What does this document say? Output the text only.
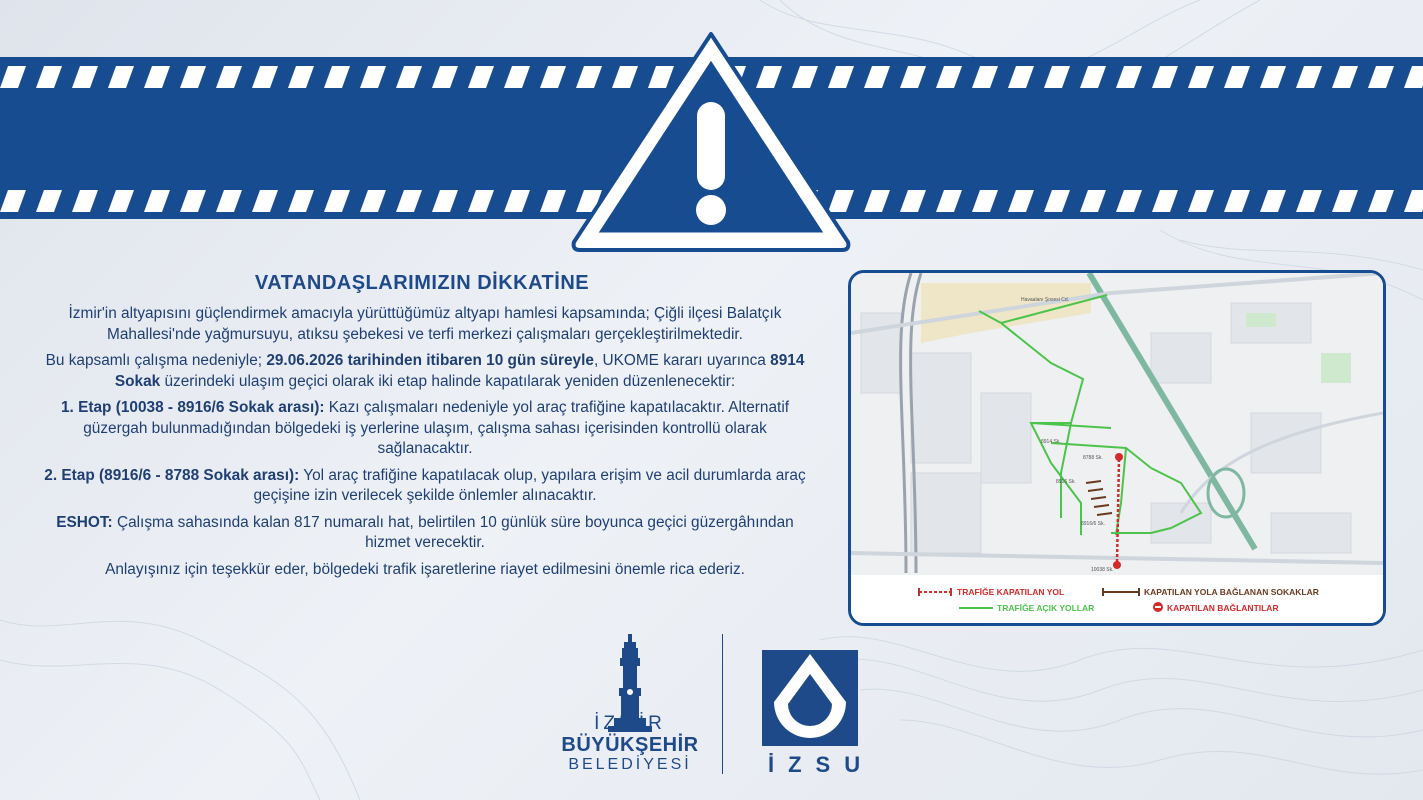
VATANDAŞLARIMIZIN DİKKATİNE

İzmir'in altyapısını güçlendirmek amacıyla yürüttüğümüz altyapı hamlesi kapsamında; Çiğli ilçesi Balatçık Mahallesi'nde yağmursuyu, atıksu şebekesi ve terfi merkezi çalışmaları gerçekleştirilmektedir.

Bu kapsamlı çalışma nedeniyle; 29.06.2026 tarihinden itibaren 10 gün süreyle, UKOME kararı uyarınca 8914 Sokak üzerindeki ulaşım geçici olarak iki etap halinde kapatılarak yeniden düzenlenecektir:

1. Etap (10038 - 8916/6 Sokak arası): Kazı çalışmaları nedeniyle yol araç trafiğine kapatılacaktır. Alternatif güzergah bulunmadığından bölgedeki iş yerlerine ulaşım, çalışma sahası içerisinden kontrollü olarak sağlanacaktır.

2. Etap (8916/6 - 8788 Sokak arası): Yol araç trafiğine kapatılacak olup, yapılara erişim ve acil durumlarda araç geçişine izin verilecek şekilde önlemler alınacaktır.

ESHOT: Çalışma sahasında kalan 817 numaralı hat, belirtilen 10 günlük süre boyunca geçici güzergâhından hizmet verecektir.

Anlayışınız için teşekkür eder, bölgedeki trafik işaretlerine riayet edilmesini önemle rica ederiz.

Havaalanı Şosesi Cd.
8914 Sk.
8788 Sk.
8916 Sk.
8916/6 Sk.
10038 Sk.
TRAFİĞE KAPATILAN YOL	KAPATILAN YOLA BAĞLANAN SOKAKLAR
TRAFİĞE AÇIK YOLLAR	KAPATILAN BAĞLANTILAR
İZMİR
BÜYÜKŞEHİR
BELEDİYESİ	İZSU
